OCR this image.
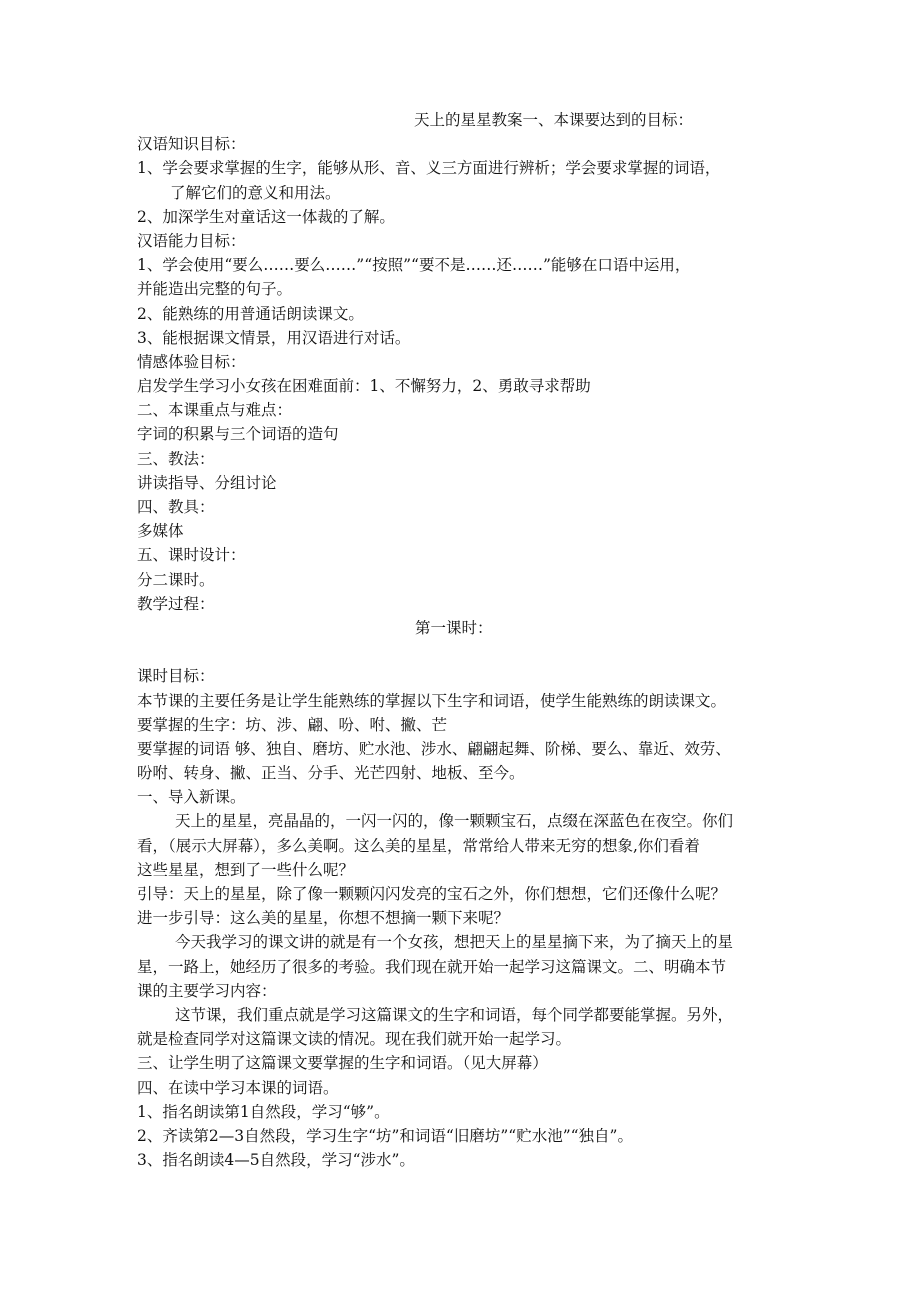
天上的星星教案一、本课要达到的目标：
汉语知识目标：
1、学会要求掌握的生字，能够从形、音、义三方面进行辨析；学会要求掌握的词语，
了解它们的意义和用法。
2、加深学生对童话这一体裁的了解。
汉语能力目标：
1、学会使用“要么……要么……”“按照”“要不是……还……”能够在口语中运用，
并能造出完整的句子。
2、能熟练的用普通话朗读课文。
3、能根据课文情景，用汉语进行对话。
情感体验目标：
启发学生学习小女孩在困难面前：1、不懈努力，2、勇敢寻求帮助
二、本课重点与难点：
字词的积累与三个词语的造句
三、教法：
讲读指导、分组讨论
四、教具：
多媒体
五、课时设计：
分二课时。
教学过程：
第一课时：
课时目标：
本节课的主要任务是让学生能熟练的掌握以下生字和词语，使学生能熟练的朗读课文。
要掌握的生字：坊、涉、翩、吩、咐、撇、芒
要掌握的词语 够、独自、磨坊、贮水池、涉水、翩翩起舞、阶梯、要么、靠近、效劳、
吩咐、转身、撇、正当、分手、光芒四射、地板、至今。
一、导入新课。
天上的星星，亮晶晶的，一闪一闪的，像一颗颗宝石，点缀在深蓝色在夜空。你们
看，（展示大屏幕），多么美啊。这么美的星星，常常给人带来无穷的想象,你们看着
这些星星，想到了一些什么呢？
引导：天上的星星，除了像一颗颗闪闪发亮的宝石之外，你们想想，它们还像什么呢？
进一步引导：这么美的星星，你想不想摘一颗下来呢？
今天我学习的课文讲的就是有一个女孩，想把天上的星星摘下来，为了摘天上的星
星，一路上，她经历了很多的考验。我们现在就开始一起学习这篇课文。二、明确本节
课的主要学习内容：
这节课，我们重点就是学习这篇课文的生字和词语，每个同学都要能掌握。另外，
就是检查同学对这篇课文读的情况。现在我们就开始一起学习。
三、让学生明了这篇课文要掌握的生字和词语。（见大屏幕）
四、在读中学习本课的词语。
1、指名朗读第1自然段，学习“够”。
2、齐读第2—3自然段，学习生字“坊”和词语“旧磨坊”“贮水池”“独自”。
3、指名朗读4—5自然段，学习“涉水”。
